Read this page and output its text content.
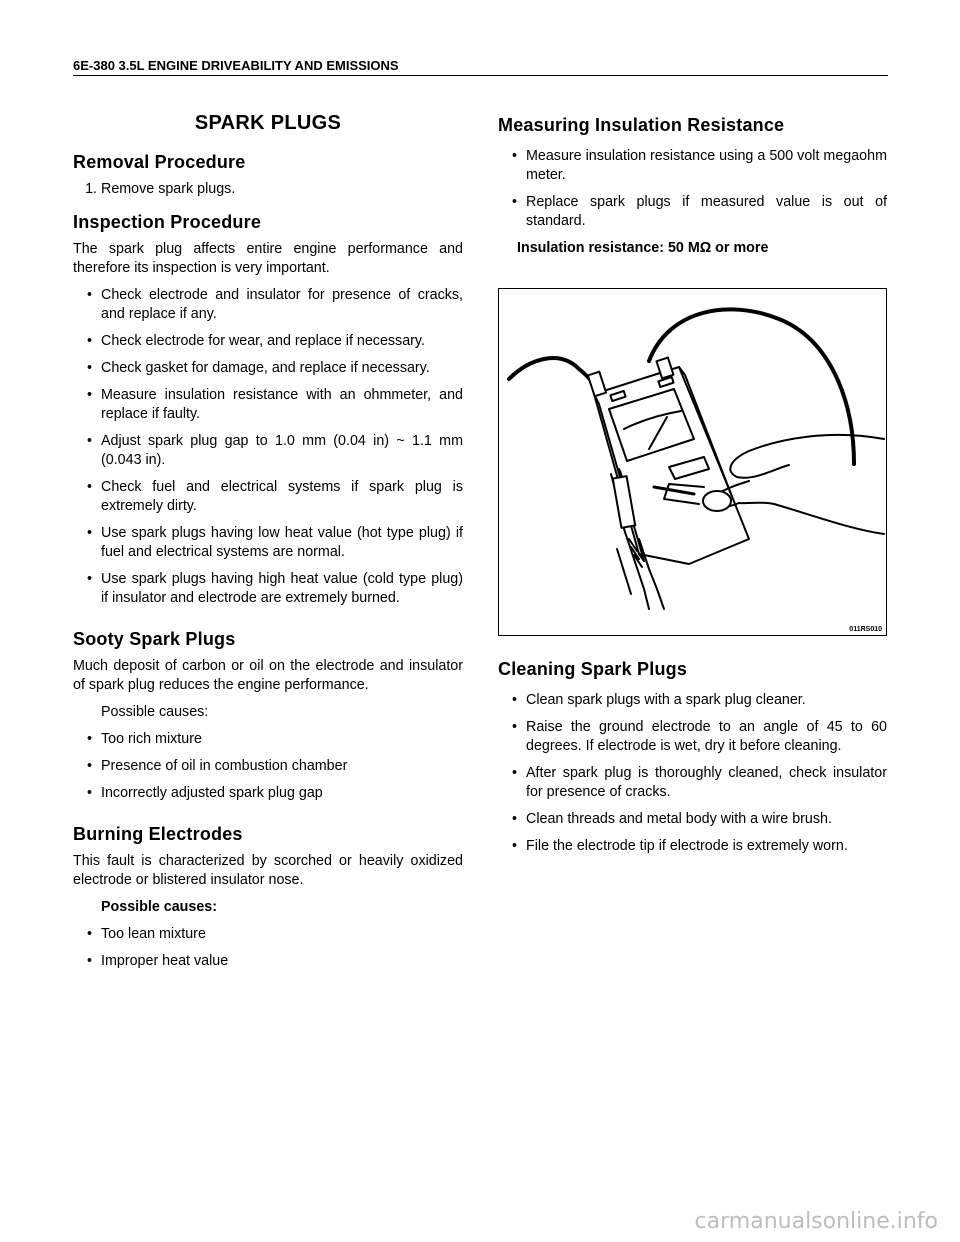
6E-380 3.5L ENGINE DRIVEABILITY AND EMISSIONS
SPARK PLUGS
Removal Procedure
1. Remove spark plugs.
Inspection Procedure

The spark plug affects entire engine performance and therefore its inspection is very important.

• Check electrode and insulator for presence of cracks, and replace if any.
• Check electrode for wear, and replace if necessary.
• Check gasket for damage, and replace if necessary.
• Measure insulation resistance with an ohmmeter, and replace if faulty.
• Adjust spark plug gap to 1.0 mm (0.04 in) ~ 1.1 mm (0.043 in).
• Check fuel and electrical systems if spark plug is extremely dirty.
• Use spark plugs having low heat value (hot type plug) if fuel and electrical systems are normal.
• Use spark plugs having high heat value (cold type plug) if insulator and electrode are extremely burned.
Sooty Spark Plugs

Much deposit of carbon or oil on the electrode and insulator of spark plug reduces the engine performance.

Possible causes:

• Too rich mixture
• Presence of oil in combustion chamber
• Incorrectly adjusted spark plug gap
Burning Electrodes

This fault is characterized by scorched or heavily oxidized electrode or blistered insulator nose.

Possible causes:

• Too lean mixture
• Improper heat value
Measuring Insulation Resistance
• Measure insulation resistance using a 500 volt megaohm meter.
• Replace spark plugs if measured value is out of standard.

Insulation resistance: 50 MΩ or more

011RS010
Cleaning Spark Plugs
• Clean spark plugs with a spark plug cleaner.
• Raise the ground electrode to an angle of 45 to 60 degrees. If electrode is wet, dry it before cleaning.
• After spark plug is thoroughly cleaned, check insulator for presence of cracks.
• Clean threads and metal body with a wire brush.
• File the electrode tip if electrode is extremely worn.
carmanualsonline.info
